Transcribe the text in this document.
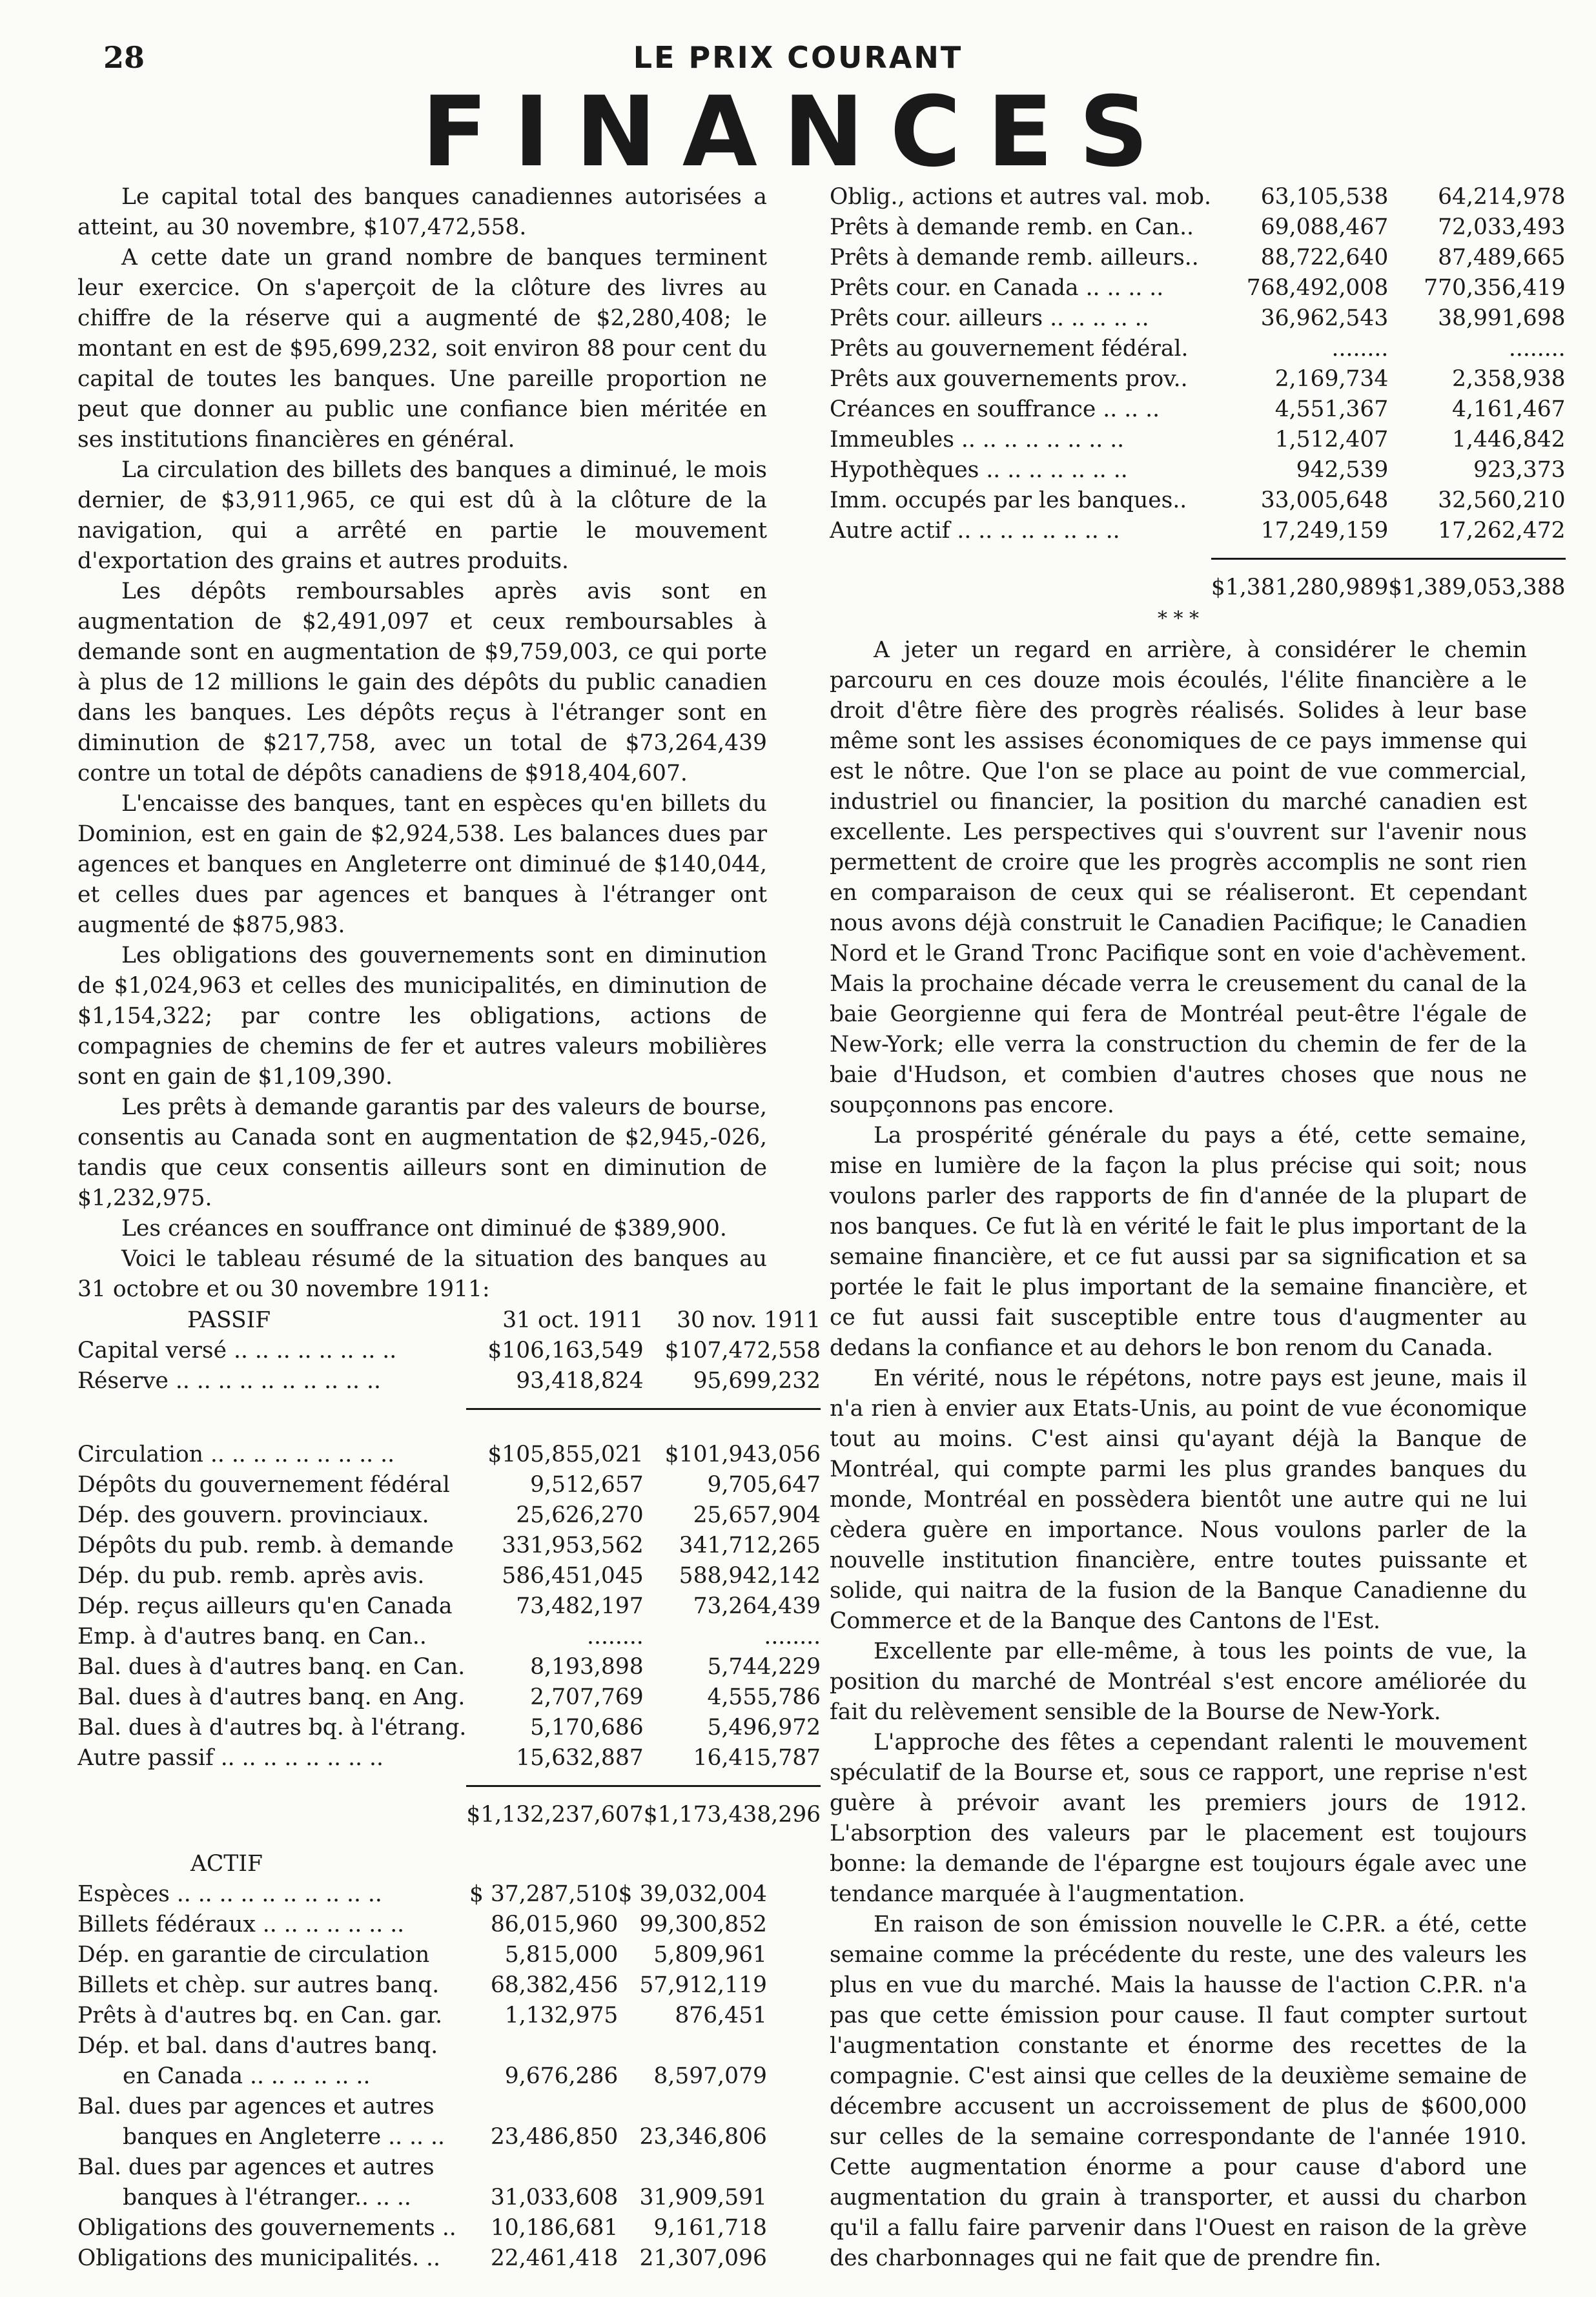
28	LE PRIX COURANT
FINANCES

Le capital total des banques canadiennes autorisées a atteint, au 30 novembre, $107,472,558.

A cette date un grand nombre de banques terminent leur exercice. On s'aperçoit de la clôture des livres au chiffre de la réserve qui a augmenté de $2,280,408; le montant en est de $95,699,232, soit environ 88 pour cent du capital de toutes les banques. Une pareille proportion ne peut que donner au public une confiance bien méritée en ses institutions financières en général.

La circulation des billets des banques a diminué, le mois dernier, de $3,911,965, ce qui est dû à la clôture de la navigation, qui a arrêté en partie le mouvement d'exportation des grains et autres produits.

Les dépôts remboursables après avis sont en augmentation de $2,491,097 et ceux remboursables à demande sont en augmentation de $9,759,003, ce qui porte à plus de 12 millions le gain des dépôts du public canadien dans les banques. Les dépôts reçus à l'étranger sont en diminution de $217,758, avec un total de $73,264,439 contre un total de dépôts canadiens de $918,404,607.

L'encaisse des banques, tant en espèces qu'en billets du Dominion, est en gain de $2,924,538. Les balances dues par agences et banques en Angleterre ont diminué de $140,044, et celles dues par agences et banques à l'étranger ont augmenté de $875,983.

Les obligations des gouvernements sont en diminution de $1,024,963 et celles des municipalités, en diminution de $1,154,322; par contre les obligations, actions de compagnies de chemins de fer et autres valeurs mobilières sont en gain de $1,109,390.

Les prêts à demande garantis par des valeurs de bourse, consentis au Canada sont en augmentation de $2,945,-026, tandis que ceux consentis ailleurs sont en diminution de $1,232,975.

Les créances en souffrance ont diminué de $389,900.

Voici le tableau résumé de la situation des banques au 31 octobre et ou 30 novembre 1911:

PASSIF	31 oct. 1911	30 nov. 1911
Capital versé .. .. .. .. .. .. .. ..	$106,163,549	$107,472,558
Réserve .. .. .. .. .. .. .. .. .. ..	93,418,824	95,699,232

Circulation .. .. .. .. .. .. .. .. ..	$105,855,021	$101,943,056
Dépôts du gouvernement fédéral	9,512,657	9,705,647
Dép. des gouvern. provinciaux.	25,626,270	25,657,904
Dépôts du pub. remb. à demande	331,953,562	341,712,265
Dép. du pub. remb. après avis.	586,451,045	588,942,142
Dép. reçus ailleurs qu'en Canada	73,482,197	73,264,439
Emp. à d'autres banq. en Can..	........	........
Bal. dues à d'autres banq. en Can.	8,193,898	5,744,229
Bal. dues à d'autres banq. en Ang.	2,707,769	4,555,786
Bal. dues à d'autres bq. à l'étrang.	5,170,686	5,496,972
Autre passif .. .. .. .. .. .. .. ..	15,632,887	16,415,787

	$1,132,237,607	$1,173,438,296
ACTIF		
Espèces .. .. .. .. .. .. .. .. .. ..	$ 37,287,510	$ 39,032,004
Billets fédéraux .. .. .. .. .. .. ..	86,015,960	99,300,852
Dép. en garantie de circulation	5,815,000	5,809,961
Billets et chèp. sur autres banq.	68,382,456	57,912,119
Prêts à d'autres bq. en Can. gar.	1,132,975	876,451
Dép. et bal. dans d'autres banq.		
en Canada .. .. .. .. .. ..	9,676,286	8,597,079
Bal. dues par agences et autres		
banques en Angleterre .. .. ..	23,486,850	23,346,806
Bal. dues par agences et autres		
banques à l'étranger.. .. ..	31,033,608	31,909,591
Obligations des gouvernements ..	10,186,681	9,161,718
Obligations des municipalités. ..	22,461,418	21,307,096
Oblig., actions et autres val. mob.	63,105,538	64,214,978
Prêts à demande remb. en Can..	69,088,467	72,033,493
Prêts à demande remb. ailleurs..	88,722,640	87,489,665
Prêts cour. en Canada .. .. .. ..	768,492,008	770,356,419
Prêts cour. ailleurs .. .. .. .. ..	36,962,543	38,991,698
Prêts au gouvernement fédéral.	........	........
Prêts aux gouvernements prov..	2,169,734	2,358,938
Créances en souffrance .. .. ..	4,551,367	4,161,467
Immeubles .. .. .. .. .. .. .. ..	1,512,407	1,446,842
Hypothèques .. .. .. .. .. .. ..	942,539	923,373
Imm. occupés par les banques..	33,005,648	32,560,210
Autre actif .. .. .. .. .. .. .. ..	17,249,159	17,262,472

	$1,381,280,989	$1,389,053,388
* * *

A jeter un regard en arrière, à considérer le chemin parcouru en ces douze mois écoulés, l'élite financière a le droit d'être fière des progrès réalisés. Solides à leur base même sont les assises économiques de ce pays immense qui est le nôtre. Que l'on se place au point de vue commercial, industriel ou financier, la position du marché canadien est excellente. Les perspectives qui s'ouvrent sur l'avenir nous permettent de croire que les progrès accomplis ne sont rien en comparaison de ceux qui se réaliseront. Et cependant nous avons déjà construit le Canadien Pacifique; le Canadien Nord et le Grand Tronc Pacifique sont en voie d'achèvement. Mais la prochaine décade verra le creusement du canal de la baie Georgienne qui fera de Montréal peut-être l'égale de New-York; elle verra la construction du chemin de fer de la baie d'Hudson, et combien d'autres choses que nous ne soupçonnons pas encore.

La prospérité générale du pays a été, cette semaine, mise en lumière de la façon la plus précise qui soit; nous voulons parler des rapports de fin d'année de la plupart de nos banques. Ce fut là en vérité le fait le plus important de la semaine financière, et ce fut aussi par sa signification et sa portée le fait le plus important de la semaine financière, et ce fut aussi fait susceptible entre tous d'augmenter au dedans la confiance et au dehors le bon renom du Canada.

En vérité, nous le répétons, notre pays est jeune, mais il n'a rien à envier aux Etats-Unis, au point de vue économique tout au moins. C'est ainsi qu'ayant déjà la Banque de Montréal, qui compte parmi les plus grandes banques du monde, Montréal en possèdera bientôt une autre qui ne lui cèdera guère en importance. Nous voulons parler de la nouvelle institution financière, entre toutes puissante et solide, qui naitra de la fusion de la Banque Canadienne du Commerce et de la Banque des Cantons de l'Est.

Excellente par elle-même, à tous les points de vue, la position du marché de Montréal s'est encore améliorée du fait du relèvement sensible de la Bourse de New-York.

L'approche des fêtes a cependant ralenti le mouvement spéculatif de la Bourse et, sous ce rapport, une reprise n'est guère à prévoir avant les premiers jours de 1912. L'absorption des valeurs par le placement est toujours bonne: la demande de l'épargne est toujours égale avec une tendance marquée à l'augmentation.

En raison de son émission nouvelle le C.P.R. a été, cette semaine comme la précédente du reste, une des valeurs les plus en vue du marché. Mais la hausse de l'action C.P.R. n'a pas que cette émission pour cause. Il faut compter surtout l'augmentation constante et énorme des recettes de la compagnie. C'est ainsi que celles de la deuxième semaine de décembre accusent un accroissement de plus de $600,000 sur celles de la semaine correspondante de l'année 1910. Cette augmentation énorme a pour cause d'abord une augmentation du grain à transporter, et aussi du charbon qu'il a fallu faire parvenir dans l'Ouest en raison de la grève des charbonnages qui ne fait que de prendre fin.
